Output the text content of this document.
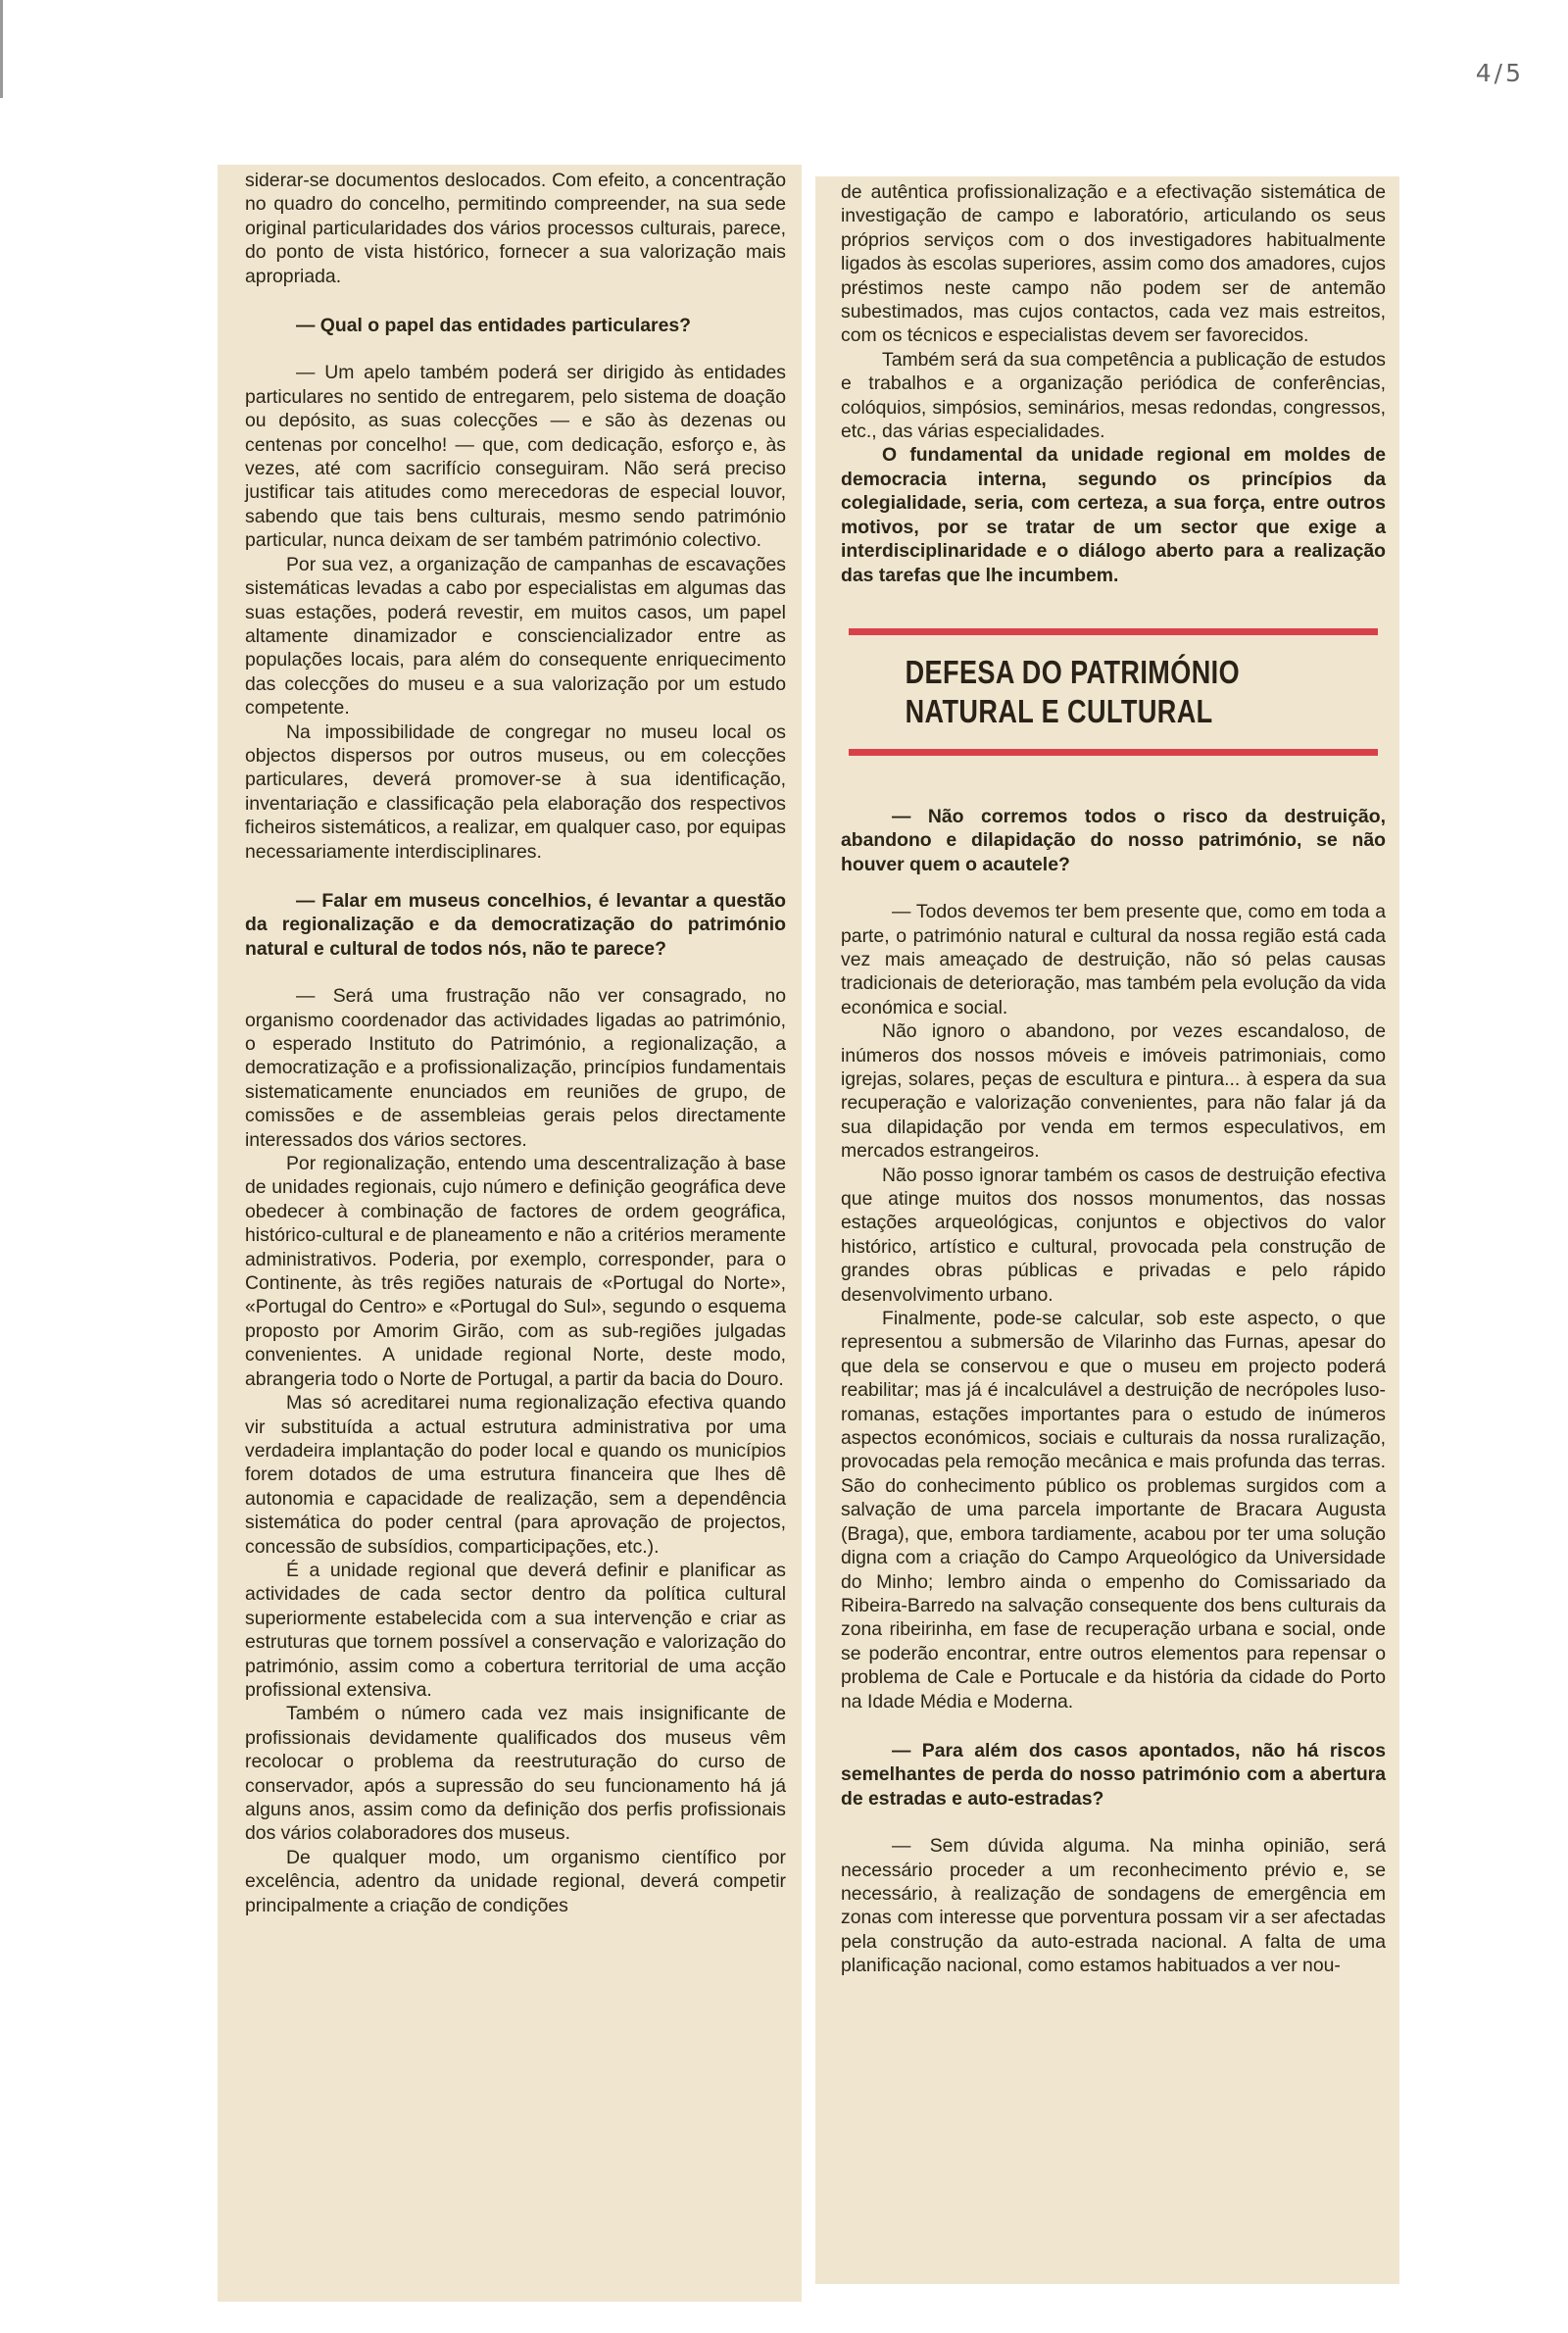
4/5

siderar-se documentos deslocados. Com efeito, a concentração no quadro do concelho, permitindo compreender, na sua sede original particularidades dos vários processos culturais, parece, do ponto de vista histórico, fornecer a sua valorização mais apropriada.

— Qual o papel das entidades particulares?

— Um apelo também poderá ser dirigido às entidades particulares no sentido de entregarem, pelo sistema de doação ou depósito, as suas colecções — e são às dezenas ou centenas por concelho! — que, com dedicação, esforço e, às vezes, até com sacrifício conseguiram. Não será preciso justificar tais atitudes como merecedoras de especial louvor, sabendo que tais bens culturais, mesmo sendo património particular, nunca deixam de ser também património colectivo.

Por sua vez, a organização de campanhas de escavações sistemáticas levadas a cabo por especialistas em algumas das suas estações, poderá revestir, em muitos casos, um papel altamente dinamizador e consciencializador entre as populações locais, para além do consequente enriquecimento das colecções do museu e a sua valorização por um estudo competente.

Na impossibilidade de congregar no museu local os objectos dispersos por outros museus, ou em colecções particulares, deverá promover-se à sua identificação, inventariação e classificação pela elaboração dos respectivos ficheiros sistemáticos, a realizar, em qualquer caso, por equipas necessariamente interdisciplinares.

— Falar em museus concelhios, é levantar a questão da regionalização e da democratização do património natural e cultural de todos nós, não te parece?

— Será uma frustração não ver consagrado, no organismo coordenador das actividades ligadas ao património, o esperado Instituto do Património, a regionalização, a democratização e a profissionalização, princípios fundamentais sistematicamente enunciados em reuniões de grupo, de comissões e de assembleias gerais pelos directamente interessados dos vários sectores.

Por regionalização, entendo uma descentralização à base de unidades regionais, cujo número e definição geográfica deve obedecer à combinação de factores de ordem geográfica, histórico-cultural e de planeamento e não a critérios meramente administrativos. Poderia, por exemplo, corresponder, para o Continente, às três regiões naturais de «Portugal do Norte», «Portugal do Centro» e «Portugal do Sul», segundo o esquema proposto por Amorim Girão, com as sub-regiões julgadas convenientes. A unidade regional Norte, deste modo, abrangeria todo o Norte de Portugal, a partir da bacia do Douro.

Mas só acreditarei numa regionalização efectiva quando vir substituída a actual estrutura administrativa por uma verdadeira implantação do poder local e quando os municípios forem dotados de uma estrutura financeira que lhes dê autonomia e capacidade de realização, sem a dependência sistemática do poder central (para aprovação de projectos, concessão de subsídios, comparticipações, etc.).

É a unidade regional que deverá definir e planificar as actividades de cada sector dentro da política cultural superiormente estabelecida com a sua intervenção e criar as estruturas que tornem possível a conservação e valorização do património, assim como a cobertura territorial de uma acção profissional extensiva.

Também o número cada vez mais insignificante de profissionais devidamente qualificados dos museus vêm recolocar o problema da reestruturação do curso de conservador, após a supressão do seu funcionamento há já alguns anos, assim como da definição dos perfis profissionais dos vários colaboradores dos museus.

De qualquer modo, um organismo científico por excelência, adentro da unidade regional, deverá competir principalmente a criação de condições

de autêntica profissionalização e a efectivação sistemática de investigação de campo e laboratório, articulando os seus próprios serviços com o dos investigadores habitualmente ligados às escolas superiores, assim como dos amadores, cujos préstimos neste campo não podem ser de antemão subestimados, mas cujos contactos, cada vez mais estreitos, com os técnicos e especialistas devem ser favorecidos.

Também será da sua competência a publicação de estudos e trabalhos e a organização periódica de conferências, colóquios, simpósios, seminários, mesas redondas, congressos, etc., das várias especialidades.

O fundamental da unidade regional em moldes de democracia interna, segundo os princípios da colegialidade, seria, com certeza, a sua força, entre outros motivos, por se tratar de um sector que exige a interdisciplinaridade e o diálogo aberto para a realização das tarefas que lhe incumbem.

DEFESA DO PATRIMÓNIO
NATURAL E CULTURAL

— Não corremos todos o risco da destruição, abandono e dilapidação do nosso património, se não houver quem o acautele?

— Todos devemos ter bem presente que, como em toda a parte, o património natural e cultural da nossa região está cada vez mais ameaçado de destruição, não só pelas causas tradicionais de deterioração, mas também pela evolução da vida económica e social.

Não ignoro o abandono, por vezes escandaloso, de inúmeros dos nossos móveis e imóveis patrimoniais, como igrejas, solares, peças de escultura e pintura... à espera da sua recuperação e valorização convenientes, para não falar já da sua dilapidação por venda em termos especulativos, em mercados estrangeiros.

Não posso ignorar também os casos de destruição efectiva que atinge muitos dos nossos monumentos, das nossas estações arqueológicas, conjuntos e objectivos do valor histórico, artístico e cultural, provocada pela construção de grandes obras públicas e privadas e pelo rápido desenvolvimento urbano.

Finalmente, pode-se calcular, sob este aspecto, o que representou a submersão de Vilarinho das Furnas, apesar do que dela se conservou e que o museu em projecto poderá reabilitar; mas já é incalculável a destruição de necrópoles luso-romanas, estações importantes para o estudo de inúmeros aspectos económicos, sociais e culturais da nossa ruralização, provocadas pela remoção mecânica e mais profunda das terras. São do conhecimento público os problemas surgidos com a salvação de uma parcela importante de Bracara Augusta (Braga), que, embora tardiamente, acabou por ter uma solução digna com a criação do Campo Arqueológico da Universidade do Minho; lembro ainda o empenho do Comissariado da Ribeira-Barredo na salvação consequente dos bens culturais da zona ribeirinha, em fase de recuperação urbana e social, onde se poderão encontrar, entre outros elementos para repensar o problema de Cale e Portucale e da história da cidade do Porto na Idade Média e Moderna.

— Para além dos casos apontados, não há riscos semelhantes de perda do nosso património com a abertura de estradas e auto-estradas?

— Sem dúvida alguma. Na minha opinião, será necessário proceder a um reconhecimento prévio e, se necessário, à realização de sondagens de emergência em zonas com interesse que porventura possam vir a ser afectadas pela construção da auto-estrada nacional. A falta de uma planificação nacional, como estamos habituados a ver nou-
